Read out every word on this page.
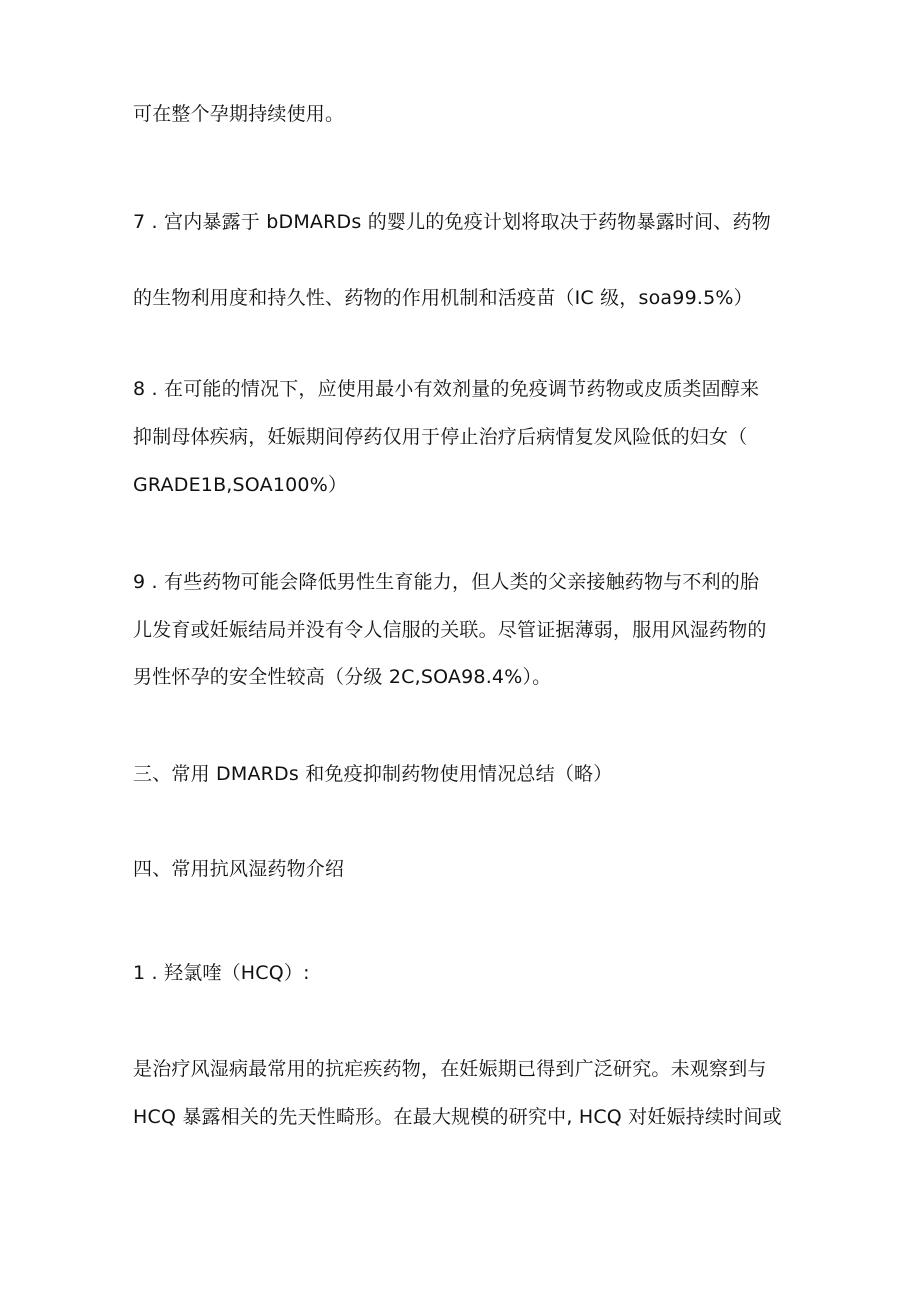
可在整个孕期持续使用。
7 . 宫内暴露于 bDMARDs 的婴儿的免疫计划将取决于药物暴露时间、药物
的生物利用度和持久性、药物的作用机制和活疫苗（IC 级，soa99.5%）
8 . 在可能的情况下，应使用最小有效剂量的免疫调节药物或皮质类固醇来
抑制母体疾病，妊娠期间停药仅用于停止治疗后病情复发风险低的妇女（
GRADE1B,SOA100%）
9 . 有些药物可能会降低男性生育能力，但人类的父亲接触药物与不利的胎
儿发育或妊娠结局并没有令人信服的关联。尽管证据薄弱，服用风湿药物的
男性怀孕的安全性较高（分级 2C,SOA98.4%）。
三、常用 DMARDs 和免疫抑制药物使用情况总结（略）
四、常用抗风湿药物介绍
1 . 羟氯喹（HCQ）:
是治疗风湿病最常用的抗疟疾药物，在妊娠期已得到广泛研究。未观察到与
HCQ 暴露相关的先天性畸形。在最大规模的研究中, HCQ 对妊娠持续时间或
